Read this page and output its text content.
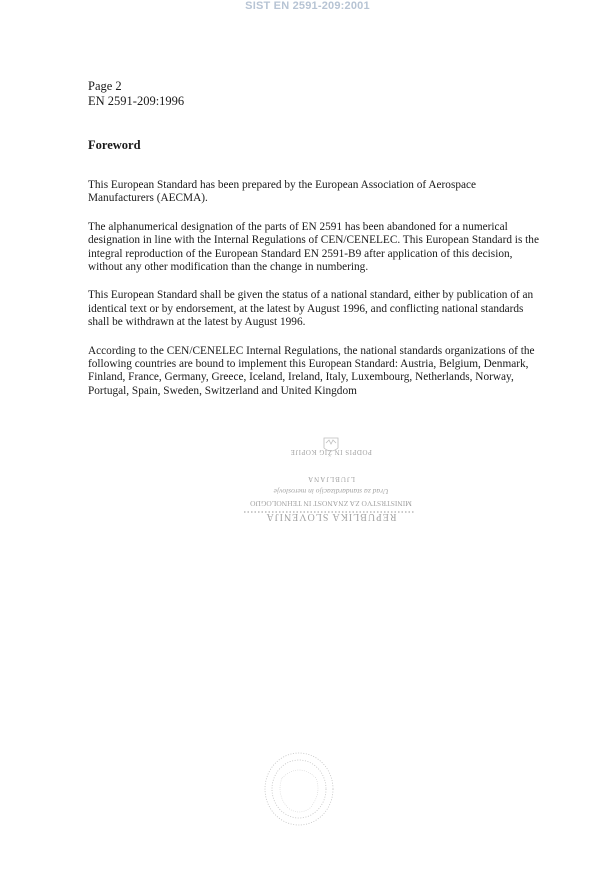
SIST EN 2591-209:2001
Page 2
EN 2591-209:1996
Foreword

This European Standard has been prepared by the European Association of Aerospace Manufacturers (AECMA).

The alphanumerical designation of the parts of EN 2591 has been abandoned for a numerical designation in line with the Internal Regulations of CEN/CENELEC. This European Standard is the integral reproduction of the European Standard EN 2591-B9 after application of this decision, without any other modification than the change in numbering.

This European Standard shall be given the status of a national standard, either by publication of an identical text or by endorsement, at the latest by August 1996, and conflicting national standards shall be withdrawn at the latest by August 1996.

According to the CEN/CENELEC Internal Regulations, the national standards organizations of the following countries are bound to implement this European Standard: Austria, Belgium, Denmark, Finland, France, Germany, Greece, Iceland, Ireland, Italy, Luxembourg, Netherlands, Norway, Portugal, Spain, Sweden, Switzerland and United Kingdom

REPUBLIKA SLOVENIJA
MINISTRSTVO ZA ZNANOST IN TEHNOLOGIJO
Urad za standardizacijo in meroslovje
LJUBLJANA
PODPIS IN ŽIG KOPIJE
